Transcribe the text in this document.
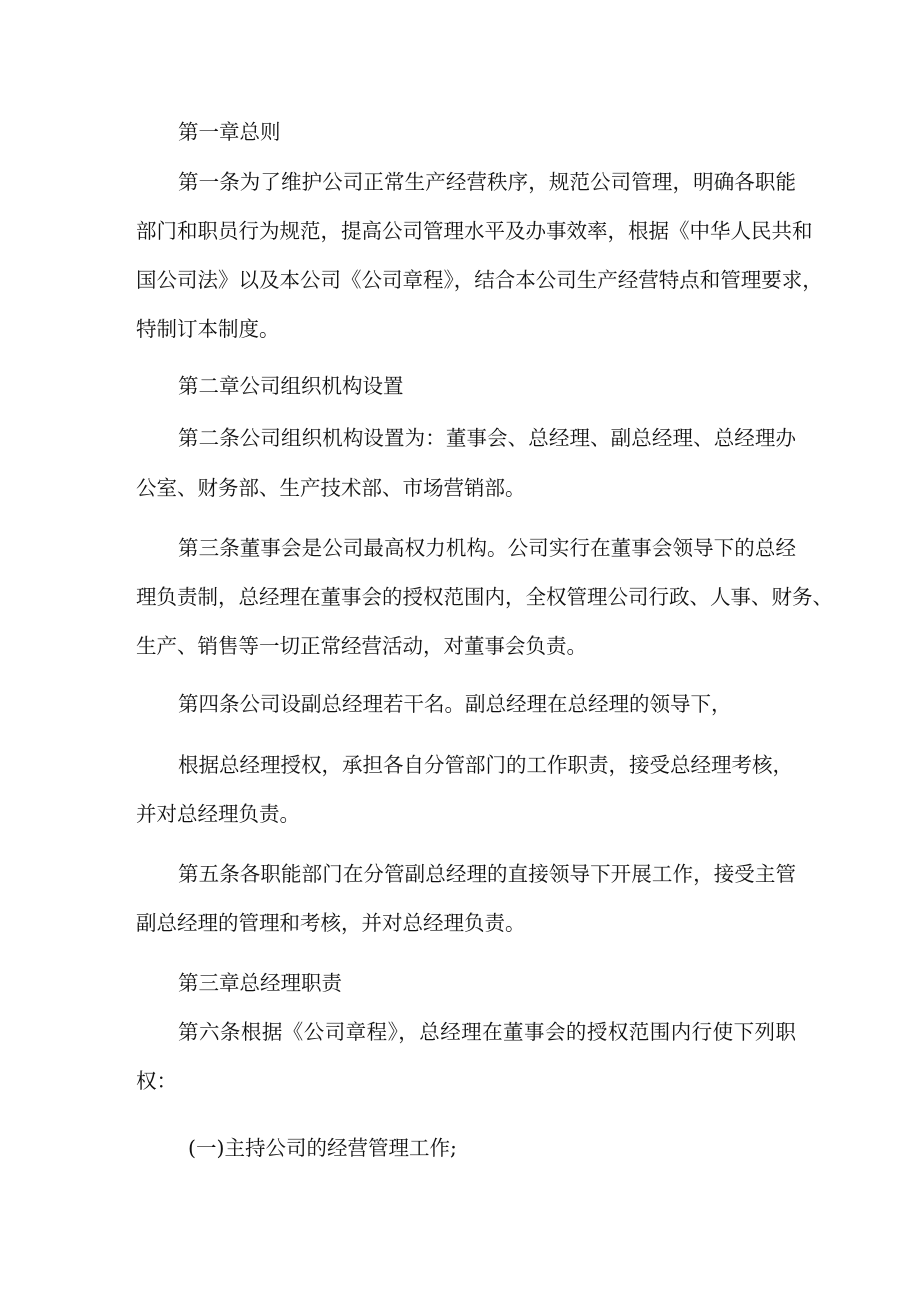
第一章总则
第一条为了维护公司正常生产经营秩序，规范公司管理，明确各职能
部门和职员行为规范，提高公司管理水平及办事效率，根据《中华人民共和
国公司法》以及本公司《公司章程》，结合本公司生产经营特点和管理要求，
特制订本制度。
第二章公司组织机构设置
第二条公司组织机构设置为：董事会、总经理、副总经理、总经理办
公室、财务部、生产技术部、市场营销部。
第三条董事会是公司最高权力机构。公司实行在董事会领导下的总经
理负责制，总经理在董事会的授权范围内，全权管理公司行政、人事、财务、
生产、销售等一切正常经营活动，对董事会负责。
第四条公司设副总经理若干名。副总经理在总经理的领导下，
根据总经理授权，承担各自分管部门的工作职责，接受总经理考核，
并对总经理负责。
第五条各职能部门在分管副总经理的直接领导下开展工作，接受主管
副总经理的管理和考核，并对总经理负责。
第三章总经理职责
第六条根据《公司章程》，总经理在董事会的授权范围内行使下列职
权：
(一)主持公司的经营管理工作;
